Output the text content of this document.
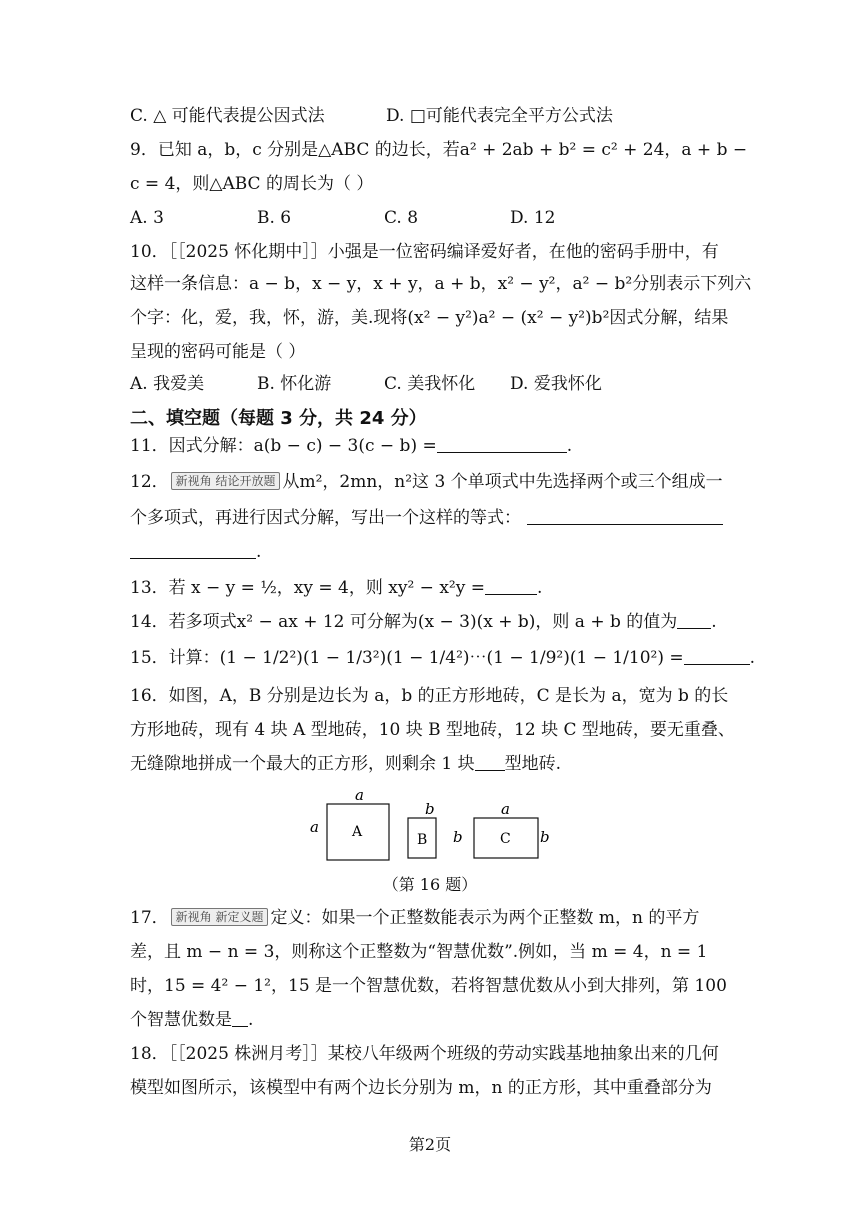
C. △ 可能代表提公因式法	D. □可能代表完全平方公式法
9．已知 a，b，c 分别是△ABC 的边长，若a² + 2ab + b² = c² + 24，a + b −
c = 4，则△ABC 的周长为（ ）
A. 3	B. 6	C. 8	D. 12
10．［［2025 怀化期中］］小强是一位密码编译爱好者，在他的密码手册中，有
这样一条信息：a − b，x − y，x + y，a + b，x² − y²，a² − b²分别表示下列六
个字：化，爱，我，怀，游，美.现将(x² − y²)a² − (x² − y²)b²因式分解，结果
呈现的密码可能是（ ）
A. 我爱美	B. 怀化游	C. 美我怀化 D. 爱我怀化
二、填空题（每题 3 分，共 24 分）
11．因式分解：a(b − c) − 3(c − b) =	.
12． 新视角 结论开放题 从m²，2mn，n²这 3 个单项式中先选择两个或三个组成一
个多项式，再进行因式分解，写出一个这样的等式：
.
13．若 x − y = ½，xy = 4，则 xy² − x²y =	.
14．若多项式x² − ax + 12 可分解为(x − 3)(x + b)，则 a + b 的值为 .
15．计算：(1 − 1/2²)(1 − 1/3²)(1 − 1/4²)⋯(1 − 1/9²)(1 − 1/10²) =	.
16．如图，A，B 分别是边长为 a，b 的正方形地砖，C 是长为 a，宽为 b 的长
方形地砖，现有 4 块 A 型地砖，10 块 B 型地砖，12 块 C 型地砖，要无重叠、
无缝隙地拼成一个最大的正方形，则剩余 1 块 型地砖.
a
a
A
b
B b
a
C b
（第 16 题）
17． 新视角 新定义题 定义：如果一个正整数能表示为两个正整数 m，n 的平方
差，且 m − n = 3，则称这个正整数为“智慧优数”.例如，当 m = 4，n = 1
时，15 = 4² − 1²，15 是一个智慧优数，若将智慧优数从小到大排列，第 100
个智慧优数是 .
18．［［2025 株洲月考］］某校八年级两个班级的劳动实践基地抽象出来的几何
模型如图所示，该模型中有两个边长分别为 m，n 的正方形，其中重叠部分为
第2页
